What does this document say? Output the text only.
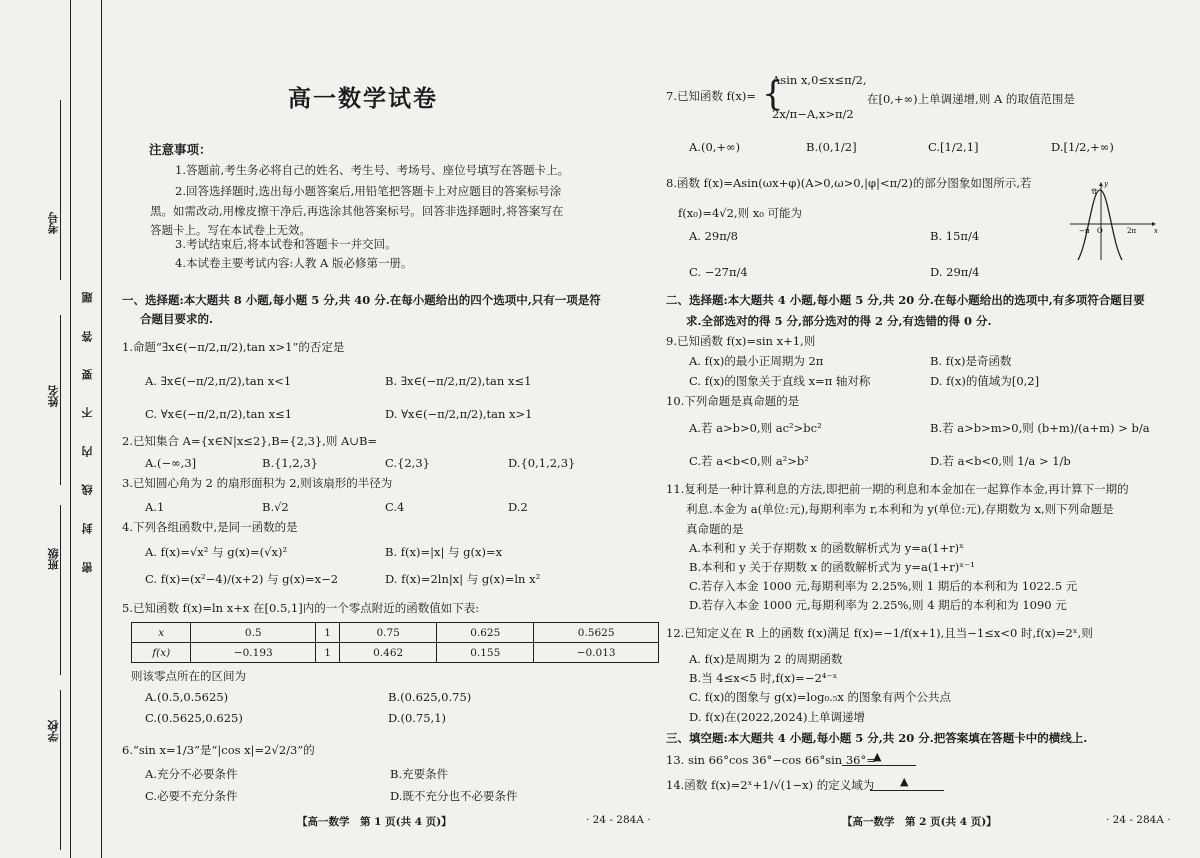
考号
姓名
班级
学校
密
封
线
内
不
要
答
题
高一数学试卷
注意事项：
1.答题前,考生务必将自己的姓名、考生号、考场号、座位号填写在答题卡上。
2.回答选择题时,选出每小题答案后,用铅笔把答题卡上对应题目的答案标号涂
黑。如需改动,用橡皮擦干净后,再选涂其他答案标号。回答非选择题时,将答案写在
答题卡上。写在本试卷上无效。
3.考试结束后,将本试卷和答题卡一并交回。
4.本试卷主要考试内容:人教 A 版必修第一册。
一、选择题:本大题共 8 小题,每小题 5 分,共 40 分.在每小题给出的四个选项中,只有一项是符
合题目要求的.
1.命题“∃x∈(−π/2,π/2),tan x>1”的否定是
A. ∃x∈(−π/2,π/2),tan x<1	B. ∃x∈(−π/2,π/2),tan x≤1
C. ∀x∈(−π/2,π/2),tan x≤1	D. ∀x∈(−π/2,π/2),tan x>1
2.已知集合 A={x∈N|x≤2},B={2,3},则 A∪B=
A.(−∞,3]	B.{1,2,3}	C.{2,3}	D.{0,1,2,3}
3.已知圆心角为 2 的扇形面积为 2,则该扇形的半径为
A.1	B.√2	C.4	D.2
4.下列各组函数中,是同一函数的是
A. f(x)=√x² 与 g(x)=(√x)²	B. f(x)=|x| 与 g(x)=x
C. f(x)=(x²−4)/(x+2) 与 g(x)=x−2	D. f(x)=2ln|x| 与 g(x)=ln x²
5.已知函数 f(x)=ln x+x 在[0.5,1]内的一个零点附近的函数值如下表:
x	0.5	1	0.75	0.625	0.5625
f(x)	−0.193	1	0.462	0.155	−0.013
则该零点所在的区间为
A.(0.5,0.5625)	B.(0.625,0.75)
C.(0.5625,0.625)	D.(0.75,1)
6.“sin x=1/3”是“|cos x|=2√2/3”的
A.充分不必要条件	B.充要条件
C.必要不充分条件	D.既不充分也不必要条件
【高一数学　第 1 页(共 4 页)】	· 24 - 284A ·
7.已知函数 f(x)= {
Asin x,0≤x≤π/2,
2x/π−A,x>π/2
在[0,+∞)上单调递增,则 A 的取值范围是
A.(0,+∞)	B.(0,1/2]	C.[1/2,1]	D.[1/2,+∞)
8.函数 f(x)=Asin(ωx+φ)(A>0,ω>0,|φ|<π/2)的部分图象如图所示,若
f(x₀)=4√2,则 x₀ 可能为
A. 29π/8	B. 15π/4
C. −27π/4	D. 29π/4
8
−π O	2π	x
y
二、选择题:本大题共 4 小题,每小题 5 分,共 20 分.在每小题给出的选项中,有多项符合题目要
求.全部选对的得 5 分,部分选对的得 2 分,有选错的得 0 分.
9.已知函数 f(x)=sin x+1,则
A. f(x)的最小正周期为 2π	B. f(x)是奇函数
C. f(x)的图象关于直线 x=π 轴对称	D. f(x)的值域为[0,2]
10.下列命题是真命题的是
A.若 a>b>0,则 ac²>bc²	B.若 a>b>m>0,则 (b+m)/(a+m) > b/a
C.若 a<b<0,则 a²>b²	D.若 a<b<0,则 1/a > 1/b
11.复利是一种计算利息的方法,即把前一期的利息和本金加在一起算作本金,再计算下一期的
利息.本金为 a(单位:元),每期利率为 r,本利和为 y(单位:元),存期数为 x,则下列命题是
真命题的是
A.本利和 y 关于存期数 x 的函数解析式为 y=a(1+r)ˣ
B.本利和 y 关于存期数 x 的函数解析式为 y=a(1+r)ˣ⁻¹
C.若存入本金 1000 元,每期利率为 2.25%,则 1 期后的本利和为 1022.5 元
D.若存入本金 1000 元,每期利率为 2.25%,则 4 期后的本利和为 1090 元
12.已知定义在 R 上的函数 f(x)满足 f(x)=−1/f(x+1),且当−1≤x<0 时,f(x)=2ˣ,则
A. f(x)是周期为 2 的周期函数
B.当 4≤x<5 时,f(x)=−2⁴⁻ˣ
C. f(x)的图象与 g(x)=log₀.₅x 的图象有两个公共点
D. f(x)在(2022,2024)上单调递增
三、填空题:本大题共 4 小题,每小题 5 分,共 20 分.把答案填在答题卡中的横线上.
13. sin 66°cos 36°−cos 66°sin 36°=
▲
14.函数 f(x)=2ˣ+1/√(1−x) 的定义域为 ▲
【高一数学　第 2 页(共 4 页)】	· 24 - 284A ·
